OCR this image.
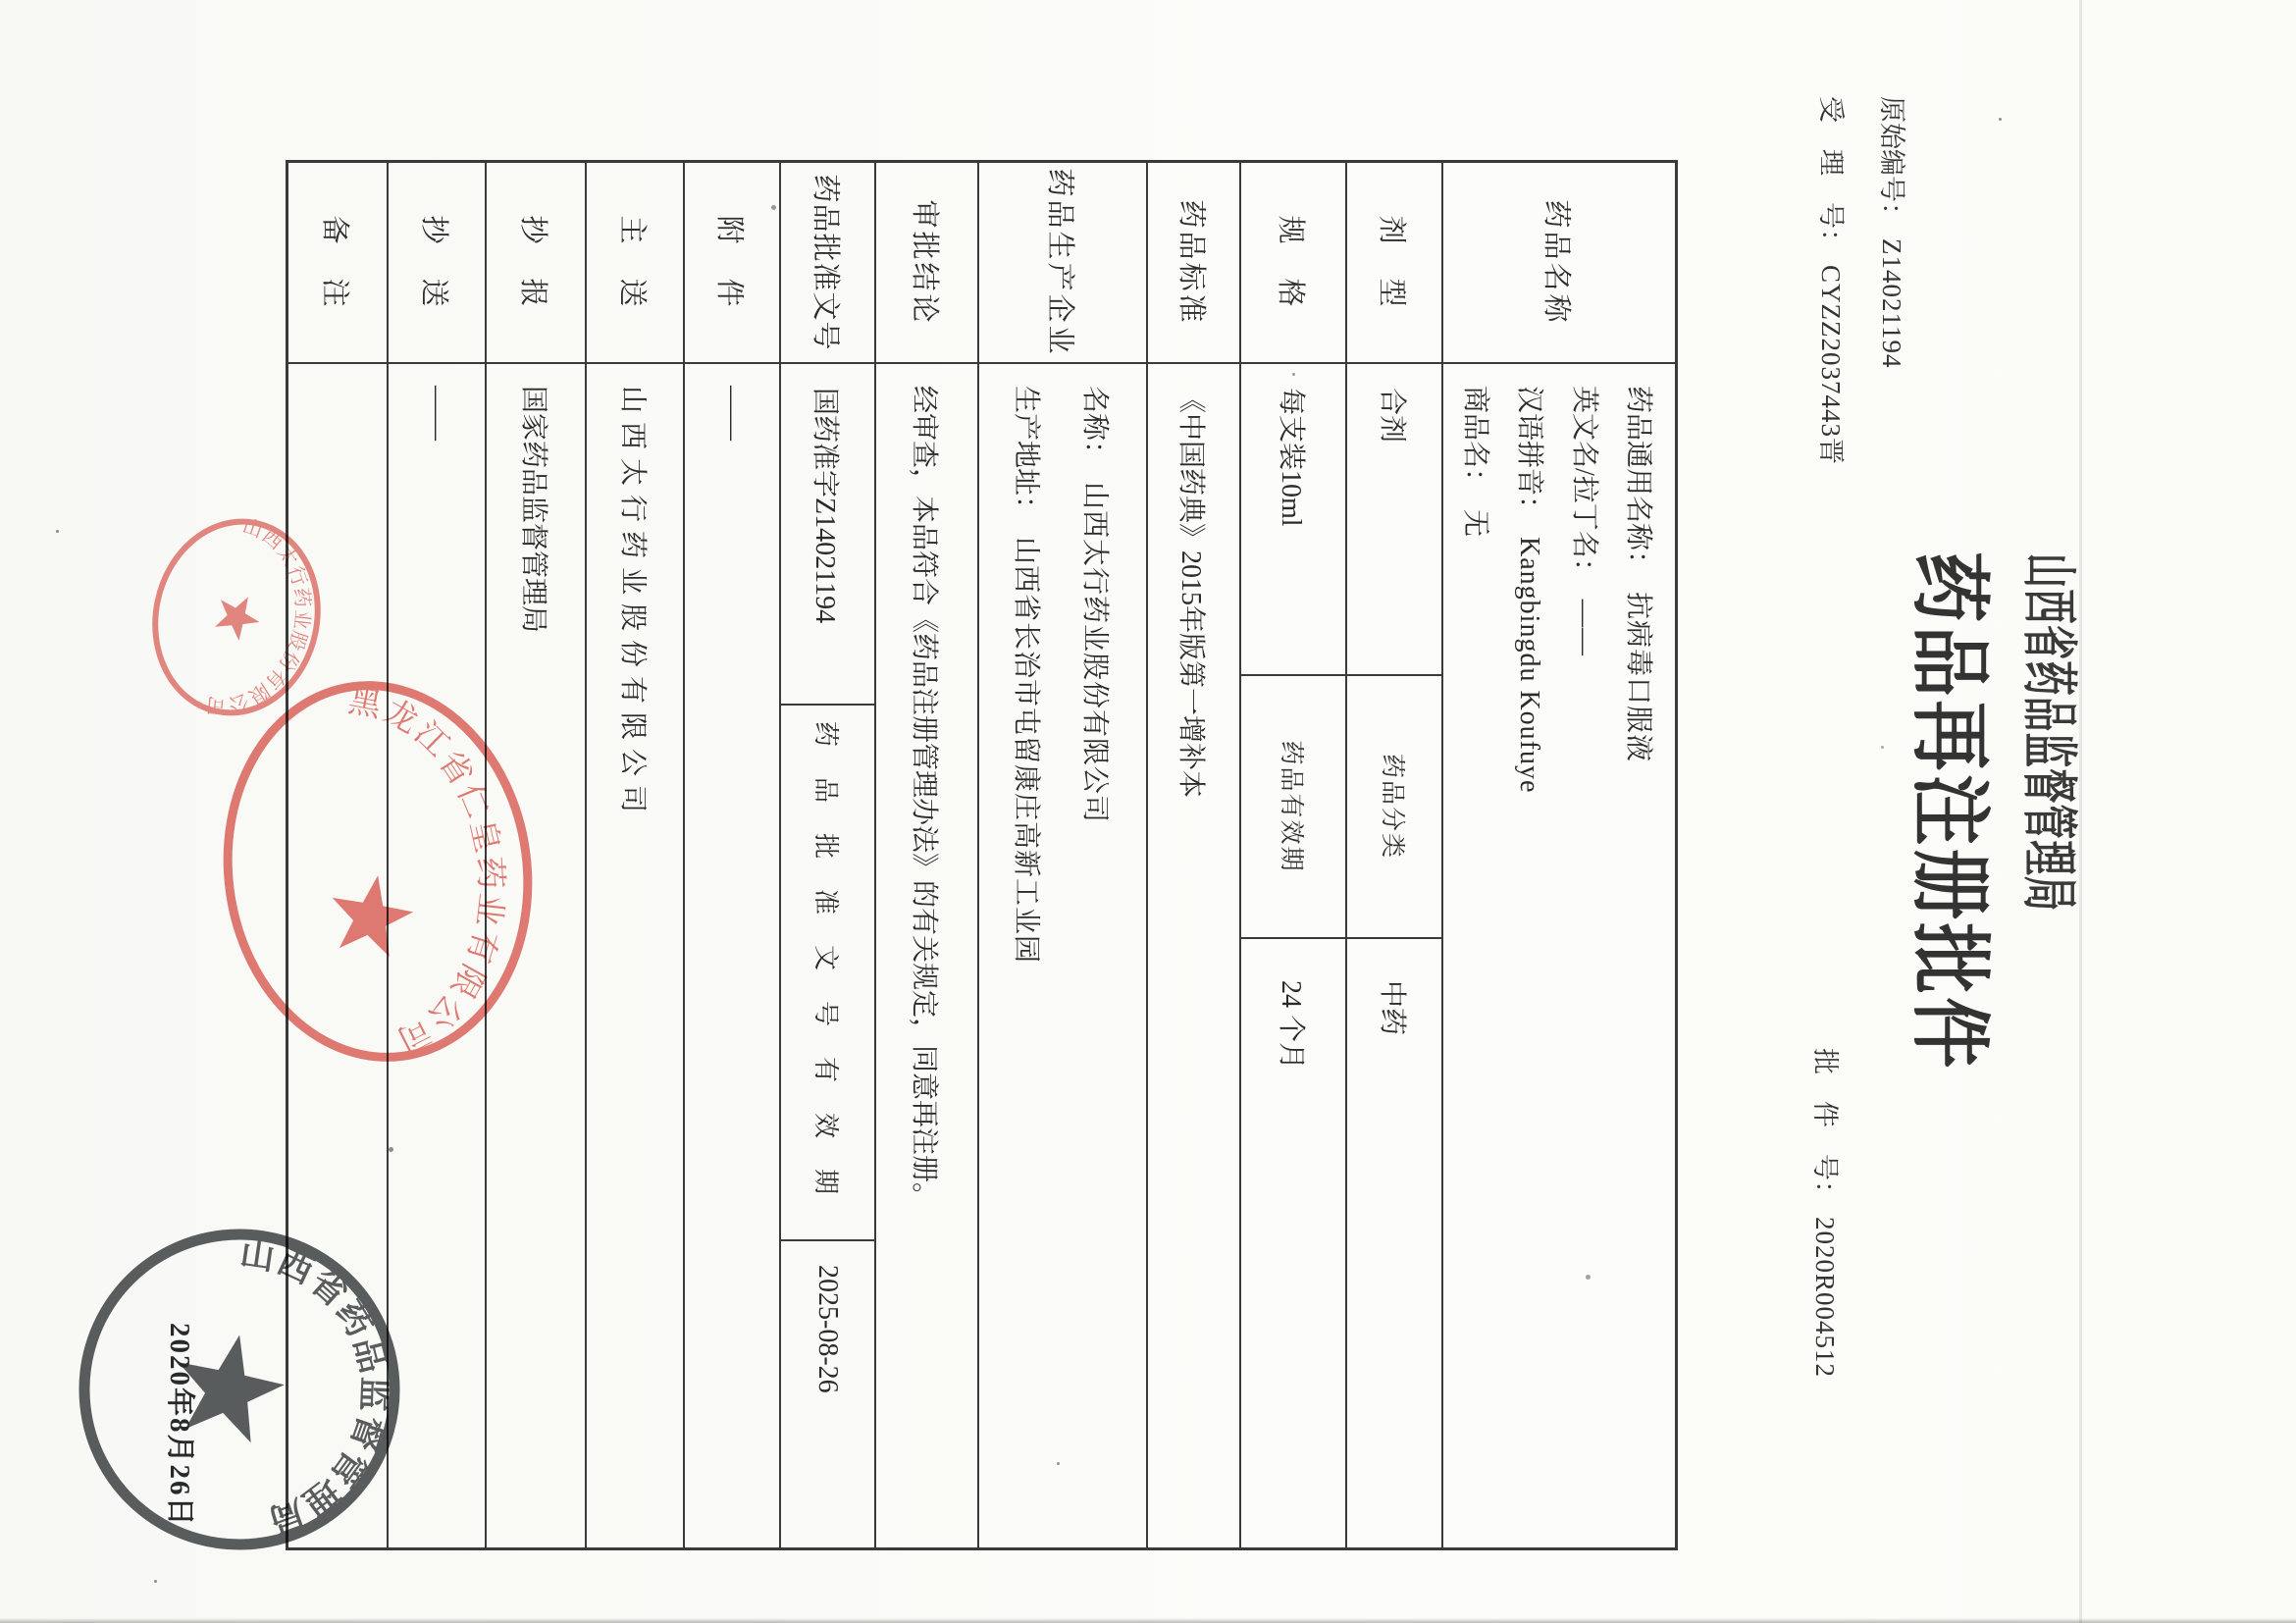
山西省药品监督管理局
药品再注册批件
原始编号：Z14021194
受　理　号：CYZZ2037443晋
批　件　号：2020R004512
药品名称
药品通用名称：抗病毒口服液
英文名/拉丁名：——
汉语拼音：Kangbingdu Koufuye
商品名：无
剂　型
合剂
药品分类
中药
规　格
每支装10ml
药品有效期
24 个月
药品标准
《中国药典》2015年版第一增补本
药品生产企业
名称：山西太行药业股份有限公司
生产地址：山西省长治市屯留康庄高新工业园
审批结论
经审查，本品符合《药品注册管理办法》的有关规定，同意再注册。
药品批准文号
国药准字Z14021194
药品批准文号有效期
2025-08-26
附　件
——
主　送
山西太行药业股份有限公司
抄　报
国家药品监督管理局
抄　送
——
备　注
黑龙江省仁皇药业有限公司
山西太行药业股份有限公司
山西省药品监督管理局
2020年8月26日
